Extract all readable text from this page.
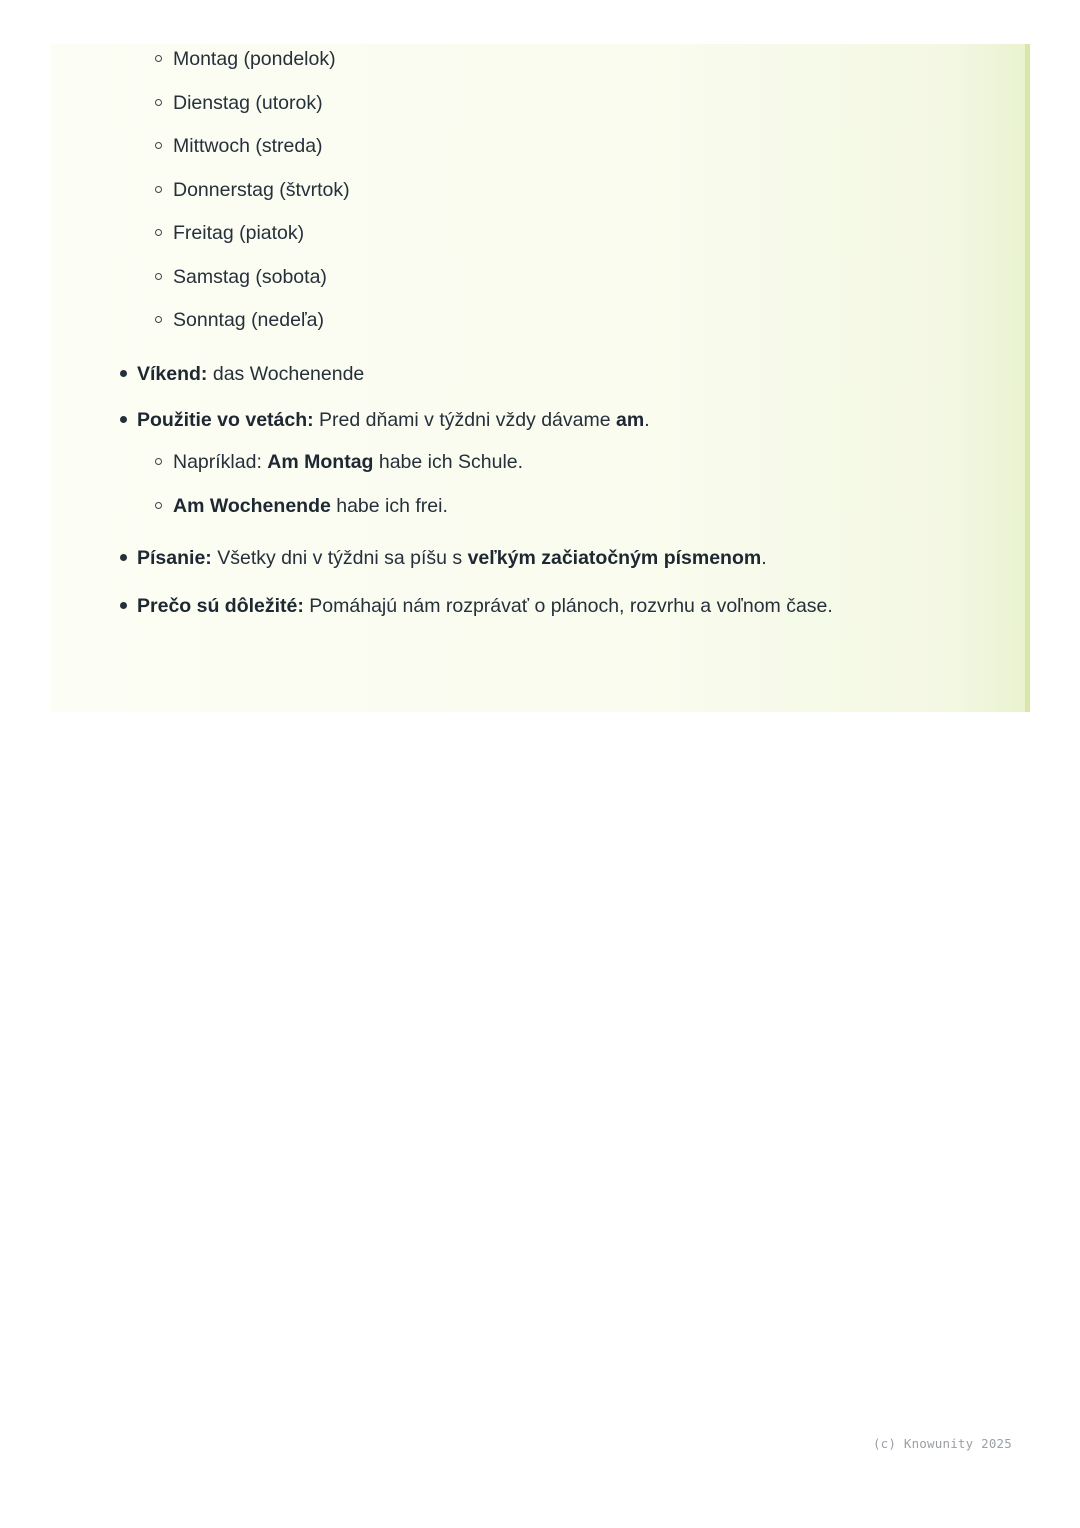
Montag (pondelok)
Dienstag (utorok)
Mittwoch (streda)
Donnerstag (štvrtok)
Freitag (piatok)
Samstag (sobota)
Sonntag (nedeľa)
Víkend: das Wochenende
Použitie vo vetách: Pred dňami v týždni vždy dávame am.
Napríklad: Am Montag habe ich Schule.
Am Wochenende habe ich frei.
Písanie: Všetky dni v týždni sa píšu s veľkým začiatočným písmenom.
Prečo sú dôležité: Pomáhajú nám rozprávať o plánoch, rozvrhu a voľnom čase.
(c) Knowunity 2025
